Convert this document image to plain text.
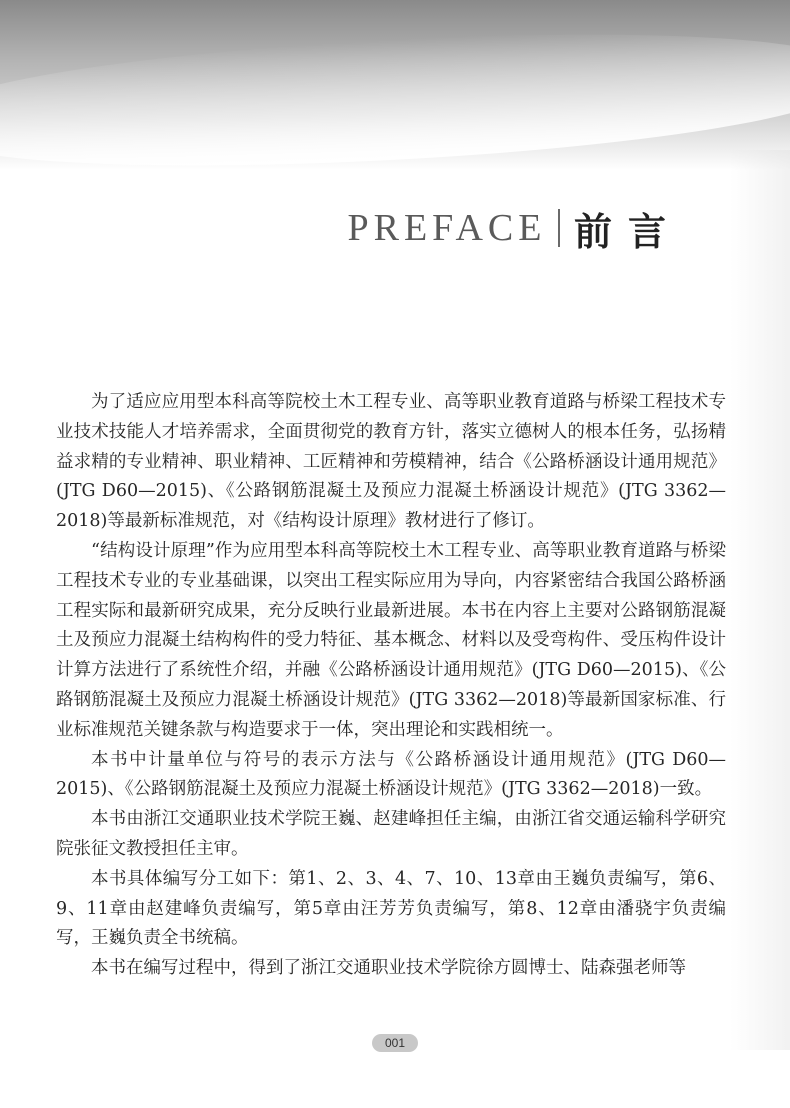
PREFACE 前言

为了适应应用型本科高等院校土木工程专业、高等职业教育道路与桥梁工程技术专业技术技能人才培养需求，全面贯彻党的教育方针，落实立德树人的根本任务，弘扬精益求精的专业精神、职业精神、工匠精神和劳模精神，结合《公路桥涵设计通用规范》(JTG D60—2015)、《公路钢筋混凝土及预应力混凝土桥涵设计规范》(JTG 3362—2018)等最新标准规范，对《结构设计原理》教材进行了修订。

“结构设计原理”作为应用型本科高等院校土木工程专业、高等职业教育道路与桥梁工程技术专业的专业基础课，以突出工程实际应用为导向，内容紧密结合我国公路桥涵工程实际和最新研究成果，充分反映行业最新进展。本书在内容上主要对公路钢筋混凝土及预应力混凝土结构构件的受力特征、基本概念、材料以及受弯构件、受压构件设计计算方法进行了系统性介绍，并融《公路桥涵设计通用规范》(JTG D60—2015)、《公路钢筋混凝土及预应力混凝土桥涵设计规范》(JTG 3362—2018)等最新国家标准、行业标准规范关键条款与构造要求于一体，突出理论和实践相统一。

本书中计量单位与符号的表示方法与《公路桥涵设计通用规范》(JTG D60—2015)、《公路钢筋混凝土及预应力混凝土桥涵设计规范》(JTG 3362—2018)一致。

本书由浙江交通职业技术学院王巍、赵建峰担任主编，由浙江省交通运输科学研究院张征文教授担任主审。

本书具体编写分工如下：第1、2、3、4、7、10、13章由王巍负责编写，第6、9、11章由赵建峰负责编写，第5章由汪芳芳负责编写，第8、12章由潘骁宇负责编写，王巍负责全书统稿。

本书在编写过程中，得到了浙江交通职业技术学院徐方圆博士、陆森强老师等

001
